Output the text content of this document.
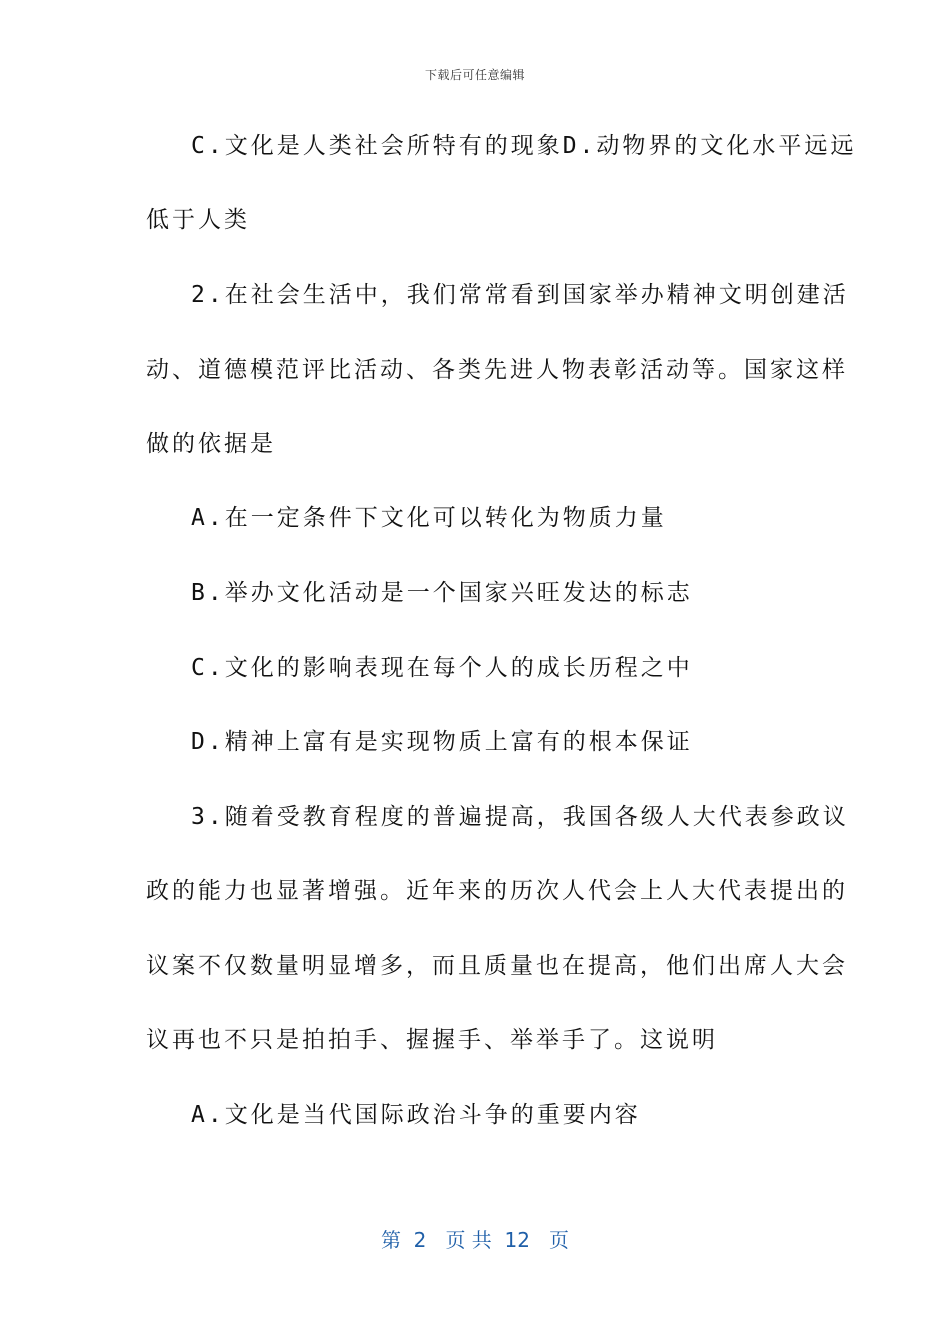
下载后可任意编辑
C.文化是人类社会所特有的现象D.动物界的文化水平远远
低于人类
2.在社会生活中，我们常常看到国家举办精神文明创建活
动、道德模范评比活动、各类先进人物表彰活动等。国家这样
做的依据是
A.在一定条件下文化可以转化为物质力量
B.举办文化活动是一个国家兴旺发达的标志
C.文化的影响表现在每个人的成长历程之中
D.精神上富有是实现物质上富有的根本保证
3.随着受教育程度的普遍提高，我国各级人大代表参政议
政的能力也显著增强。近年来的历次人代会上人大代表提出的
议案不仅数量明显增多，而且质量也在提高，他们出席人大会
议再也不只是拍拍手、握握手、举举手了。这说明
A.文化是当代国际政治斗争的重要内容
第  2   页 共  12   页
